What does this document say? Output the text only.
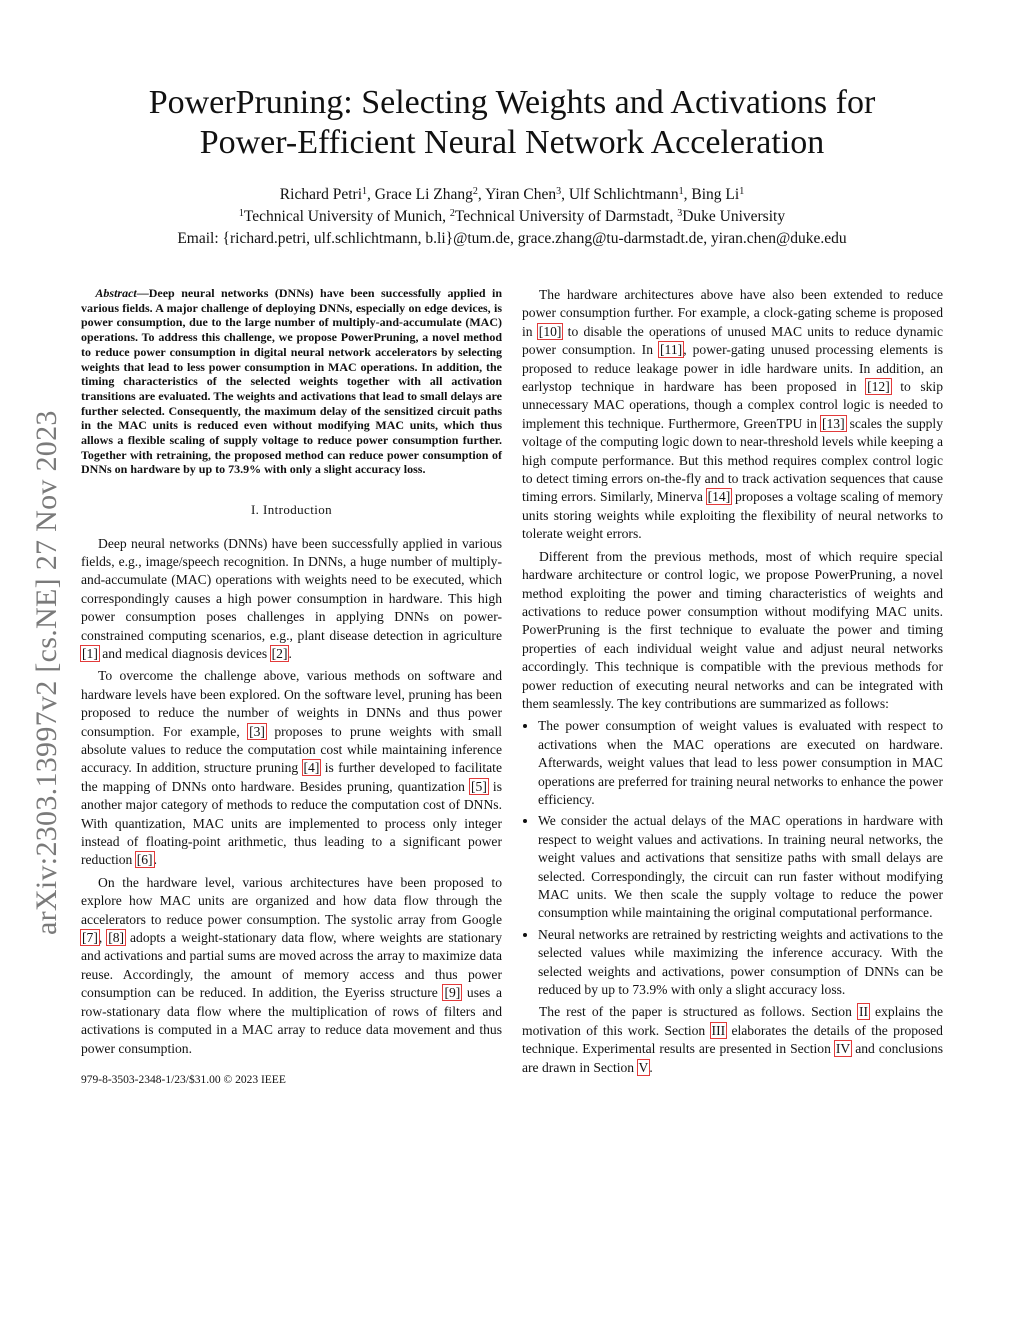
arXiv:2303.13997v2 [cs.NE] 27 Nov 2023
PowerPruning: Selecting Weights and Activations for
Power-Efficient Neural Network Acceleration
Richard Petri$^1$, Grace Li Zhang$^2$, Yiran Chen$^3$, Ulf Schlichtmann$^1$, Bing Li$^1$
$^1$Technical University of Munich, $^2$Technical University of Darmstadt, $^3$Duke University
Email: {richard.petri, ulf.schlichtmann, b.li}@tum.de, grace.zhang@tu-darmstadt.de, yiran.chen@duke.edu

Abstract—Deep neural networks (DNNs) have been successfully applied in various fields. A major challenge of deploying DNNs, especially on edge devices, is power consumption, due to the large number of multiply-and-accumulate (MAC) operations. To address this challenge, we propose PowerPruning, a novel method to reduce power consumption in digital neural network accelerators by selecting weights that lead to less power consumption in MAC operations. In addition, the timing characteristics of the selected weights together with all activation transitions are evaluated. The weights and activations that lead to small delays are further selected. Consequently, the maximum delay of the sensitized circuit paths in the MAC units is reduced even without modifying MAC units, which thus allows a flexible scaling of supply voltage to reduce power consumption further. Together with retraining, the proposed method can reduce power consumption of DNNs on hardware by up to 73.9% with only a slight accuracy loss.

I. Introduction

Deep neural networks (DNNs) have been successfully applied in various fields, e.g., image/speech recognition. In DNNs, a huge number of multiply-and-accumulate (MAC) operations with weights need to be executed, which correspondingly causes a high power consumption in hardware. This high power consumption poses challenges in applying DNNs on power-constrained computing scenarios, e.g., plant disease detection in agriculture [1] and medical diagnosis devices [2].

To overcome the challenge above, various methods on software and hardware levels have been explored. On the software level, pruning has been proposed to reduce the number of weights in DNNs and thus power consumption. For example, [3] proposes to prune weights with small absolute values to reduce the computation cost while maintaining inference accuracy. In addition, structure pruning [4] is further developed to facilitate the mapping of DNNs onto hardware. Besides pruning, quantization [5] is another major category of methods to reduce the computation cost of DNNs. With quantization, MAC units are implemented to process only integer instead of floating-point arithmetic, thus leading to a significant power reduction [6].

On the hardware level, various architectures have been proposed to explore how MAC units are organized and how data flow through the accelerators to reduce power consumption. The systolic array from Google [7], [8] adopts a weight-stationary data flow, where weights are stationary and activations and partial sums are moved across the array to maximize data reuse. Accordingly, the amount of memory access and thus power consumption can be reduced. In addition, the Eyeriss structure [9] uses a row-stationary data flow where the multiplication of rows of filters and activations is computed in a MAC array to reduce data movement and thus power consumption.

979-8-3503-2348-1/23/$31.00 © 2023 IEEE

The hardware architectures above have also been extended to reduce power consumption further. For example, a clock-gating scheme is proposed in [10] to disable the operations of unused MAC units to reduce dynamic power consumption. In [11], power-gating unused processing elements is proposed to reduce leakage power in idle hardware units. In addition, an earlystop technique in hardware has been proposed in [12] to skip unnecessary MAC operations, though a complex control logic is needed to implement this technique. Furthermore, GreenTPU in [13] scales the supply voltage of the computing logic down to near-threshold levels while keeping a high compute performance. But this method requires complex control logic to detect timing errors on-the-fly and to track activation sequences that cause timing errors. Similarly, Minerva [14] proposes a voltage scaling of memory units storing weights while exploiting the flexibility of neural networks to tolerate weight errors.

Different from the previous methods, most of which require special hardware architecture or control logic, we propose PowerPruning, a novel method exploiting the power and timing characteristics of weights and activations to reduce power consumption without modifying MAC units. PowerPruning is the first technique to evaluate the power and timing properties of each individual weight value and adjust neural networks accordingly. This technique is compatible with the previous methods for power reduction of executing neural networks and can be integrated with them seamlessly. The key contributions are summarized as follows:

• The power consumption of weight values is evaluated with respect to activations when the MAC operations are executed on hardware. Afterwards, weight values that lead to less power consumption in MAC operations are preferred for training neural networks to enhance the power efficiency.
• We consider the actual delays of the MAC operations in hardware with respect to weight values and activations. In training neural networks, the weight values and activations that sensitize paths with small delays are selected. Correspondingly, the circuit can run faster without modifying MAC units. We then scale the supply voltage to reduce the power consumption while maintaining the original computational performance.
• Neural networks are retrained by restricting weights and activations to the selected values while maximizing the inference accuracy. With the selected weights and activations, power consumption of DNNs can be reduced by up to 73.9% with only a slight accuracy loss.

The rest of the paper is structured as follows. Section II explains the motivation of this work. Section III elaborates the details of the proposed technique. Experimental results are presented in Section IV and conclusions are drawn in Section V.
